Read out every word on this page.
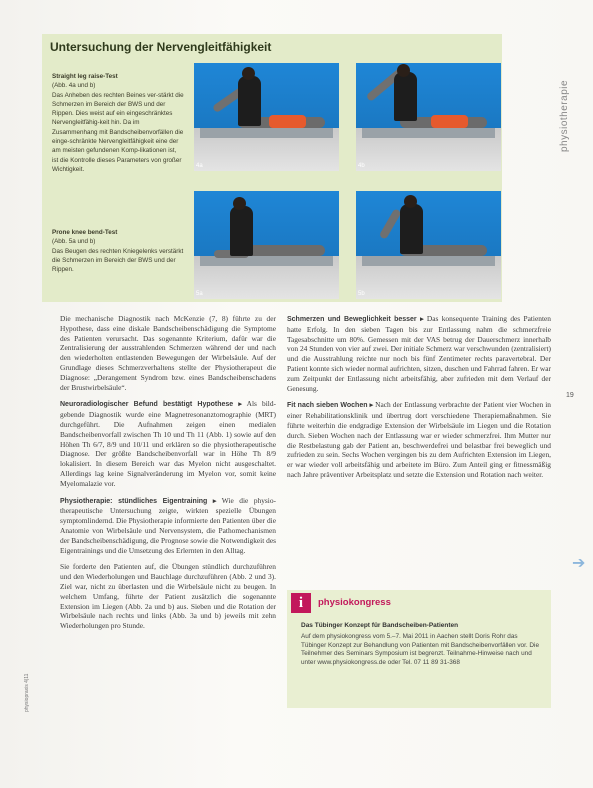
Untersuchung der Nervengleitfähigkeit
Straight leg raise-Test
(Abb. 4a und b)
Das Anheben des rechten Beines ver-stärkt die Schmerzen im Bereich der BWS und der Rippen. Dies weist auf ein eingeschränktes Nervengleitfähig-keit hin. Da im Zusammenhang mit Bandscheibenvorfällen die einge-schränkte Nervengleitfähigkeit eine der am meisten gefundenen Komp-likationen ist, ist die Kontrolle dieses Parameters von großer Wichtigkeit.
Prone knee bend-Test
(Abb. 5a und b)
Das Beugen des rechten Kniegelenks verstärkt die Schmerzen im Bereich der BWS und der Rippen.
4a	4b
5a	5b
physiotherapie
19

Die mechanische Diagnostik nach McKenzie (7, 8) führte zu der Hypothese, dass eine diskale Bandscheibenschädigung die Symptome des Patienten verursacht. Das sogenannte Kriterium, dafür war die Zentralisierung der ausstrahlenden Schmerzen während der und nach den wiederholten entlastenden Bewegungen der Wirbelsäule. Auf der Grundlage dieses Schmerzverhaltens stellte der Physiotherapeut die Diagnose: „Derangement Syndrom bzw. eines Bandscheibenschadens der Brustwirbelsäule“.

Neuroradiologischer Befund bestätigt Hypothese ▸ Als bild-gebende Diagnostik wurde eine Magnetresonanztomographie (MRT) durchgeführt. Die Aufnahmen zeigen einen medialen Bandscheibenvorfall zwischen Th 10 und Th 11 (Abb. 1) sowie auf den Höhen Th 6/7, 8/9 und 10/11 und erklären so die physiotherapeutische Diagnose. Der größte Bandscheibenvorfall war in Höhe Th 8/9 lokalisiert. In diesem Bereich war das Myelon nicht ausgeschaltet. Allerdings lag keine Signalveränderung im Myelon vor, somit keine Myelomalazie vor.

Physiotherapie: stündliches Eigentraining ▸ Wie die physio-therapeutische Untersuchung zeigte, wirkten spezielle Übungen symptomlindernd. Die Physiotherapie informierte den Patienten über die Anatomie von Wirbelsäule und Nervensystem, die Pathomechanismen der Bandscheibenschädigung, die Prognose sowie die Notwendigkeit des Eigentrainings und die Umsetzung des Erlernten in den Alltag.

Sie forderte den Patienten auf, die Übungen stündlich durchzuführen und den Wiederholungen und Bauchlage durchzuführen (Abb. 2 und 3). Ziel war, nicht zu überlasten und die Wirbelsäule nicht zu beugen. In welchem Umfang, führte der Patient zusätzlich die sogenannte Extension im Liegen (Abb. 2a und b) aus. Sieben und die Rotation der Wirbelsäule nach rechts und links (Abb. 3a und b) jeweils mit zehn Wiederholungen pro Stunde.

Schmerzen und Beweglichkeit besser ▸ Das konsequente Training des Patienten hatte Erfolg. In den sieben Tagen bis zur Entlassung nahm die schmerzfreie Tagesabschnitte um 80%. Gemessen mit der VAS betrug der Dauerschmerz innerhalb von 24 Stunden von vier auf zwei. Der initiale Schmerz war verschwunden (zentralisiert) und die Ausstrahlung reichte nur noch bis fünf Zentimeter rechts paravertebral. Der Patient konnte sich wieder normal aufrichten, sitzen, duschen und Fahrrad fahren. Er war zum Zeitpunkt der Entlassung nicht arbeitsfähig, aber zufrieden mit dem Verlauf der Genesung.

Fit nach sieben Wochen ▸ Nach der Entlassung verbrachte der Patient vier Wochen in einer Rehabilitationsklinik und übertrug dort verschiedene Therapiemaßnahmen. Sie führte weiterhin die endgradige Extension der Wirbelsäule im Liegen und die Rotation durch. Sieben Wochen nach der Entlassung war er wieder schmerzfrei. Ihm Mutter nur die Restbelastung gab der Patient an, beschwerdefrei und belastbar frei beweglich und zufrieden zu sein. Sechs Wochen vergingen bis zu dem Aufrichten Extension im Liegen, er war wieder voll arbeitsfähig und arbeitete im Büro. Zum Anteil ging er fitnessmäßig nach Jahre präventiver Arbeitsplatz und setzte die Extension und Rotation nach weiter.

➔
i	physiokongress
Das Tübinger Konzept für Bandscheiben-Patienten
Auf dem physiokongress vom 5.–7. Mai 2011 in Aachen stellt Doris Rohr das Tübinger Konzept zur Behandlung von Patienten mit Bandscheibenvorfällen vor. Die Teilnehmer des Seminars Symposium ist begrenzt. Teilnahme-Hinweise nach und unter www.physiokongress.de oder Tel. 07 11 89 31-368
physiopraxis 4|11
